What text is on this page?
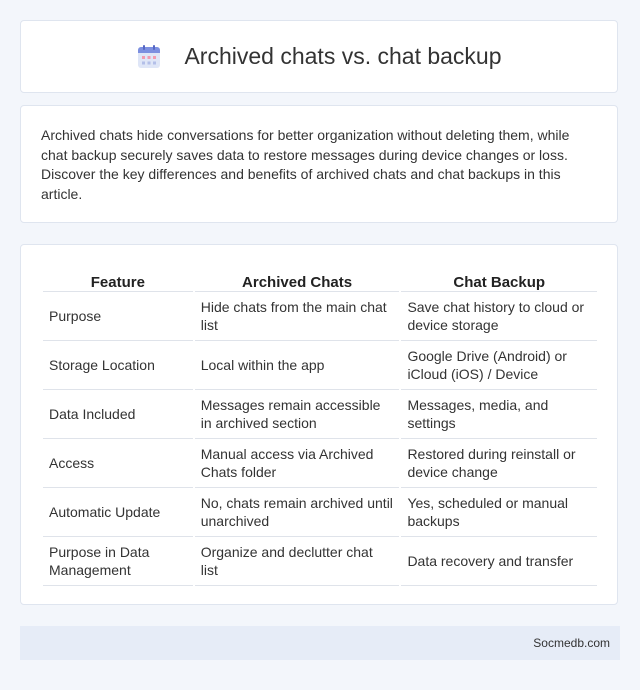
Archived chats vs. chat backup

Archived chats hide conversations for better organization without deleting them, while chat backup securely saves data to restore messages during device changes or loss. Discover the key differences and benefits of archived chats and chat backups in this article.

Feature	Archived Chats	Chat Backup
Purpose	Hide chats from the main chat list	Save chat history to cloud or device storage
Storage Location	Local within the app	Google Drive (Android) or iCloud (iOS) / Device
Data Included	Messages remain accessible in archived section	Messages, media, and settings
Access	Manual access via Archived Chats folder	Restored during reinstall or device change
Automatic Update	No, chats remain archived until unarchived	Yes, scheduled or manual backups
Purpose in Data Management	Organize and declutter chat list	Data recovery and transfer
Socmedb.com
